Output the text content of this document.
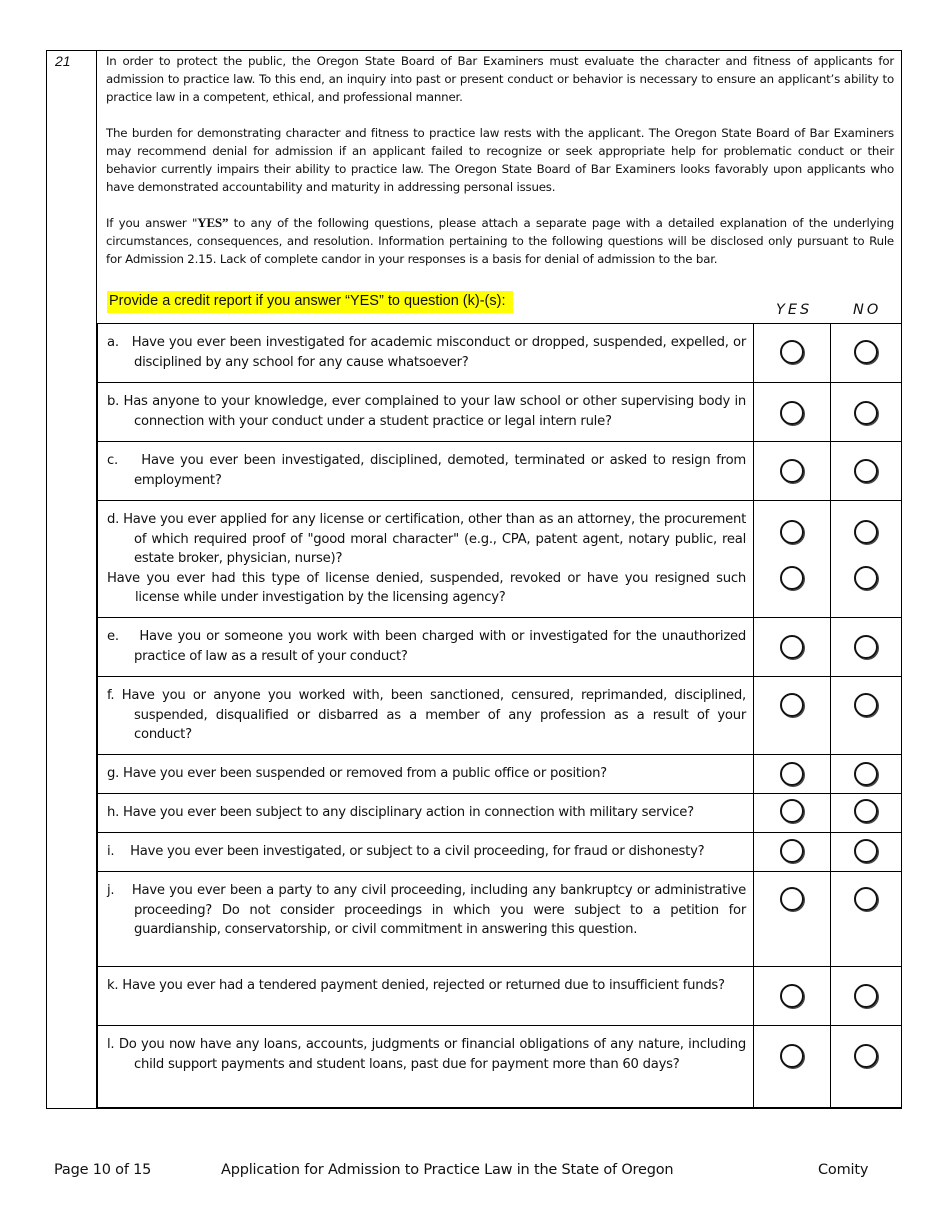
21	In order to protect the public, the Oregon State Board of Bar Examiners must evaluate the character and fitness of applicants for admission to practice law. To this end, an inquiry into past or present conduct or behavior is necessary to ensure an applicant’s ability to practice law in a competent, ethical, and professional manner.

The burden for demonstrating character and fitness to practice law rests with the applicant. The Oregon State Board of Bar Examiners may recommend denial for admission if an applicant failed to recognize or seek appropriate help for problematic conduct or their behavior currently impairs their ability to practice law. The Oregon State Board of Bar Examiners looks favorably upon applicants who have demonstrated accountability and maturity in addressing personal issues.

If you answer "YES” to any of the following questions, please attach a separate page with a detailed explanation of the underlying circumstances, consequences, and resolution. Information pertaining to the following questions will be disclosed only pursuant to Rule for Admission 2.15. Lack of complete candor in your responses is a basis for denial of admission to the bar.

Provide a credit report if you answer “YES” to question (k)-(s):
YES	NO
a. Have you ever been investigated for academic misconduct or dropped, suspended, expelled, or disciplined by any school for any cause whatsoever?		

b. Has anyone to your knowledge, ever complained to your law school or other supervising body in connection with your conduct under a student practice or legal intern rule?		

c. Have you ever been investigated, disciplined, demoted, terminated or asked to resign from employment?		

d. Have you ever applied for any license or certification, other than as an attorney, the procurement of which required proof of "good moral character" (e.g., CPA, patent agent, notary public, real estate broker, physician, nurse)?
Have you ever had this type of license denied, suspended, revoked or have you resigned such license while under investigation by the licensing agency?		

e. Have you or someone you work with been charged with or investigated for the unauthorized practice of law as a result of your conduct?		

f. Have you or anyone you worked with, been sanctioned, censured, reprimanded, disciplined, suspended, disqualified or disbarred as a member of any profession as a result of your conduct?		

g. Have you ever been suspended or removed from a public office or position?		

h. Have you ever been subject to any disciplinary action in connection with military service?		

i. Have you ever been investigated, or subject to a civil proceeding, for fraud or dishonesty?		

j. Have you ever been a party to any civil proceeding, including any bankruptcy or administrative proceeding? Do not consider proceedings in which you were subject to a petition for guardianship, conservatorship, or civil commitment in answering this question.		

k. Have you ever had a tendered payment denied, rejected or returned due to insufficient funds?		

l. Do you now have any loans, accounts, judgments or financial obligations of any nature, including child support payments and student loans, past due for payment more than 60 days?		

Page 10 of 15	Application for Admission to Practice Law in the State of Oregon	Comity
